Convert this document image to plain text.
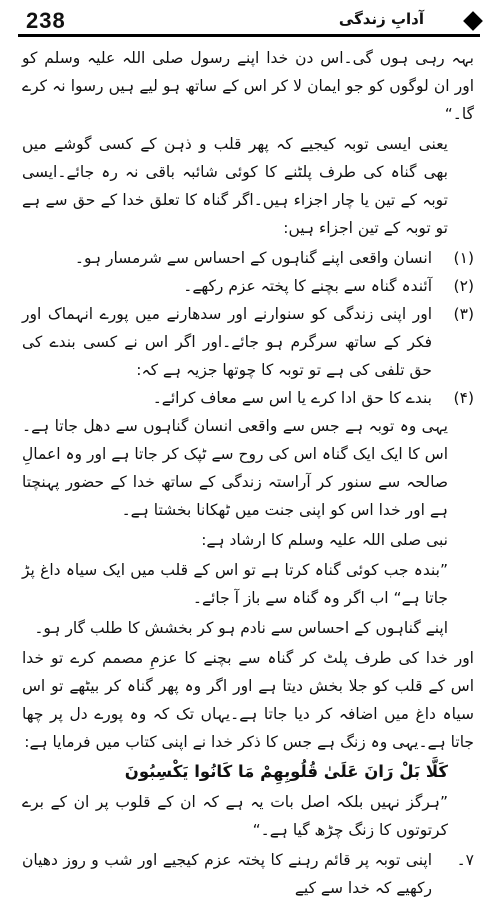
238	آدابِ زندگی

بہہ رہی ہوں گی۔اس دن خدا اپنے رسول صلی اللہ علیہ وسلم کو اور ان لوگوں کو جو ایمان لا کر اس کے ساتھ ہو لیے ہیں رسوا نہ کرے گا۔“

یعنی ایسی توبہ کیجیے کہ پھر قلب و ذہن کے کسی گوشے میں بھی گناہ کی طرف پلٹنے کا کوئی شائبہ باقی نہ رہ جائے۔ایسی توبہ کے تین یا چار اجزاء ہیں۔اگر گناہ کا تعلق خدا کے حق سے ہے تو توبہ کے تین اجزاء ہیں:

(۱)
انسان واقعی اپنے گناہوں کے احساس سے شرمسار ہو۔
(۲)
آئندہ گناہ سے بچنے کا پختہ عزم رکھے۔
(۳)
اور اپنی زندگی کو سنوارنے اور سدھارنے میں پورے انہماک اور فکر کے ساتھ سرگرم ہو جائے۔اور اگر اس نے کسی بندے کی حق تلفی کی ہے تو توبہ کا چوتھا جزیہ ہے کہ:
(۴)
بندے کا حق ادا کرے یا اس سے معاف کرائے۔

یہی وہ توبہ ہے جس سے واقعی انسان گناہوں سے دھل جاتا ہے۔اس کا ایک ایک گناہ اس کی روح سے ٹپک کر جاتا ہے اور وہ اعمالِ صالحہ سے سنور کر آراستہ زندگی کے ساتھ خدا کے حضور پہنچتا ہے اور خدا اس کو اپنی جنت میں ٹھکانا بخشتا ہے۔

نبی صلی اللہ علیہ وسلم کا ارشاد ہے:

”بندہ جب کوئی گناہ کرتا ہے تو اس کے قلب میں ایک سیاہ داغ پڑ جاتا ہے“ اب اگر وہ گناہ سے باز آ جائے۔

اپنے گناہوں کے احساس سے نادم ہو کر بخشش کا طلب گار ہو۔

اور خدا کی طرف پلٹ کر گناہ سے بچنے کا عزمِ مصمم کرے تو خدا اس کے قلب کو جلا بخش دیتا ہے اور اگر وہ پھر گناہ کر بیٹھے تو اس سیاہ داغ میں اضافہ کر دیا جاتا ہے۔یہاں تک کہ وہ پورے دل پر چھا جاتا ہے۔یہی وہ زنگ ہے جس کا ذکر خدا نے اپنی کتاب میں فرمایا ہے:

كَلَّا بَلْ رَانَ عَلَىٰ قُلُوبِهِمْ مَا كَانُوا يَكْسِبُونَ

”ہرگز نہیں بلکہ اصل بات یہ ہے کہ ان کے قلوب پر ان کے برے کرتوتوں کا زنگ چڑھ گیا ہے۔“

۷۔
اپنی توبہ پر قائم رہنے کا پختہ عزم کیجیے اور شب و روز دھیان رکھیے کہ خدا سے کیے
